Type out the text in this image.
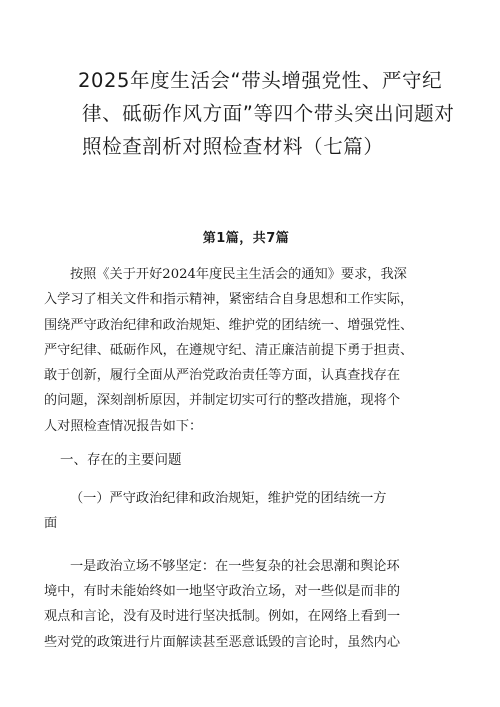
2025年度生活会“带头增强党性、严守纪
律、砥砺作风方面”等四个带头突出问题对
照检查剖析对照检查材料（七篇）
第1篇，共7篇

按照《关于开好2024年度民主生活会的通知》要求，我深
入学习了相关文件和指示精神，紧密结合自身思想和工作实际，
围绕严守政治纪律和政治规矩、维护党的团结统一、增强党性、
严守纪律、砥砺作风，在遵规守纪、清正廉洁前提下勇于担责、
敢于创新，履行全面从严治党政治责任等方面，认真查找存在
的问题，深刻剖析原因，并制定切实可行的整改措施，现将个
人对照检查情况报告如下：

一、存在的主要问题

（一）严守政治纪律和政治规矩，维护党的团结统一方
面

一是政治立场不够坚定：在一些复杂的社会思潮和舆论环
境中，有时未能始终如一地坚守政治立场，对一些似是而非的
观点和言论，没有及时进行坚决抵制。例如，在网络上看到一
些对党的政策进行片面解读甚至恶意诋毁的言论时，虽然内心
